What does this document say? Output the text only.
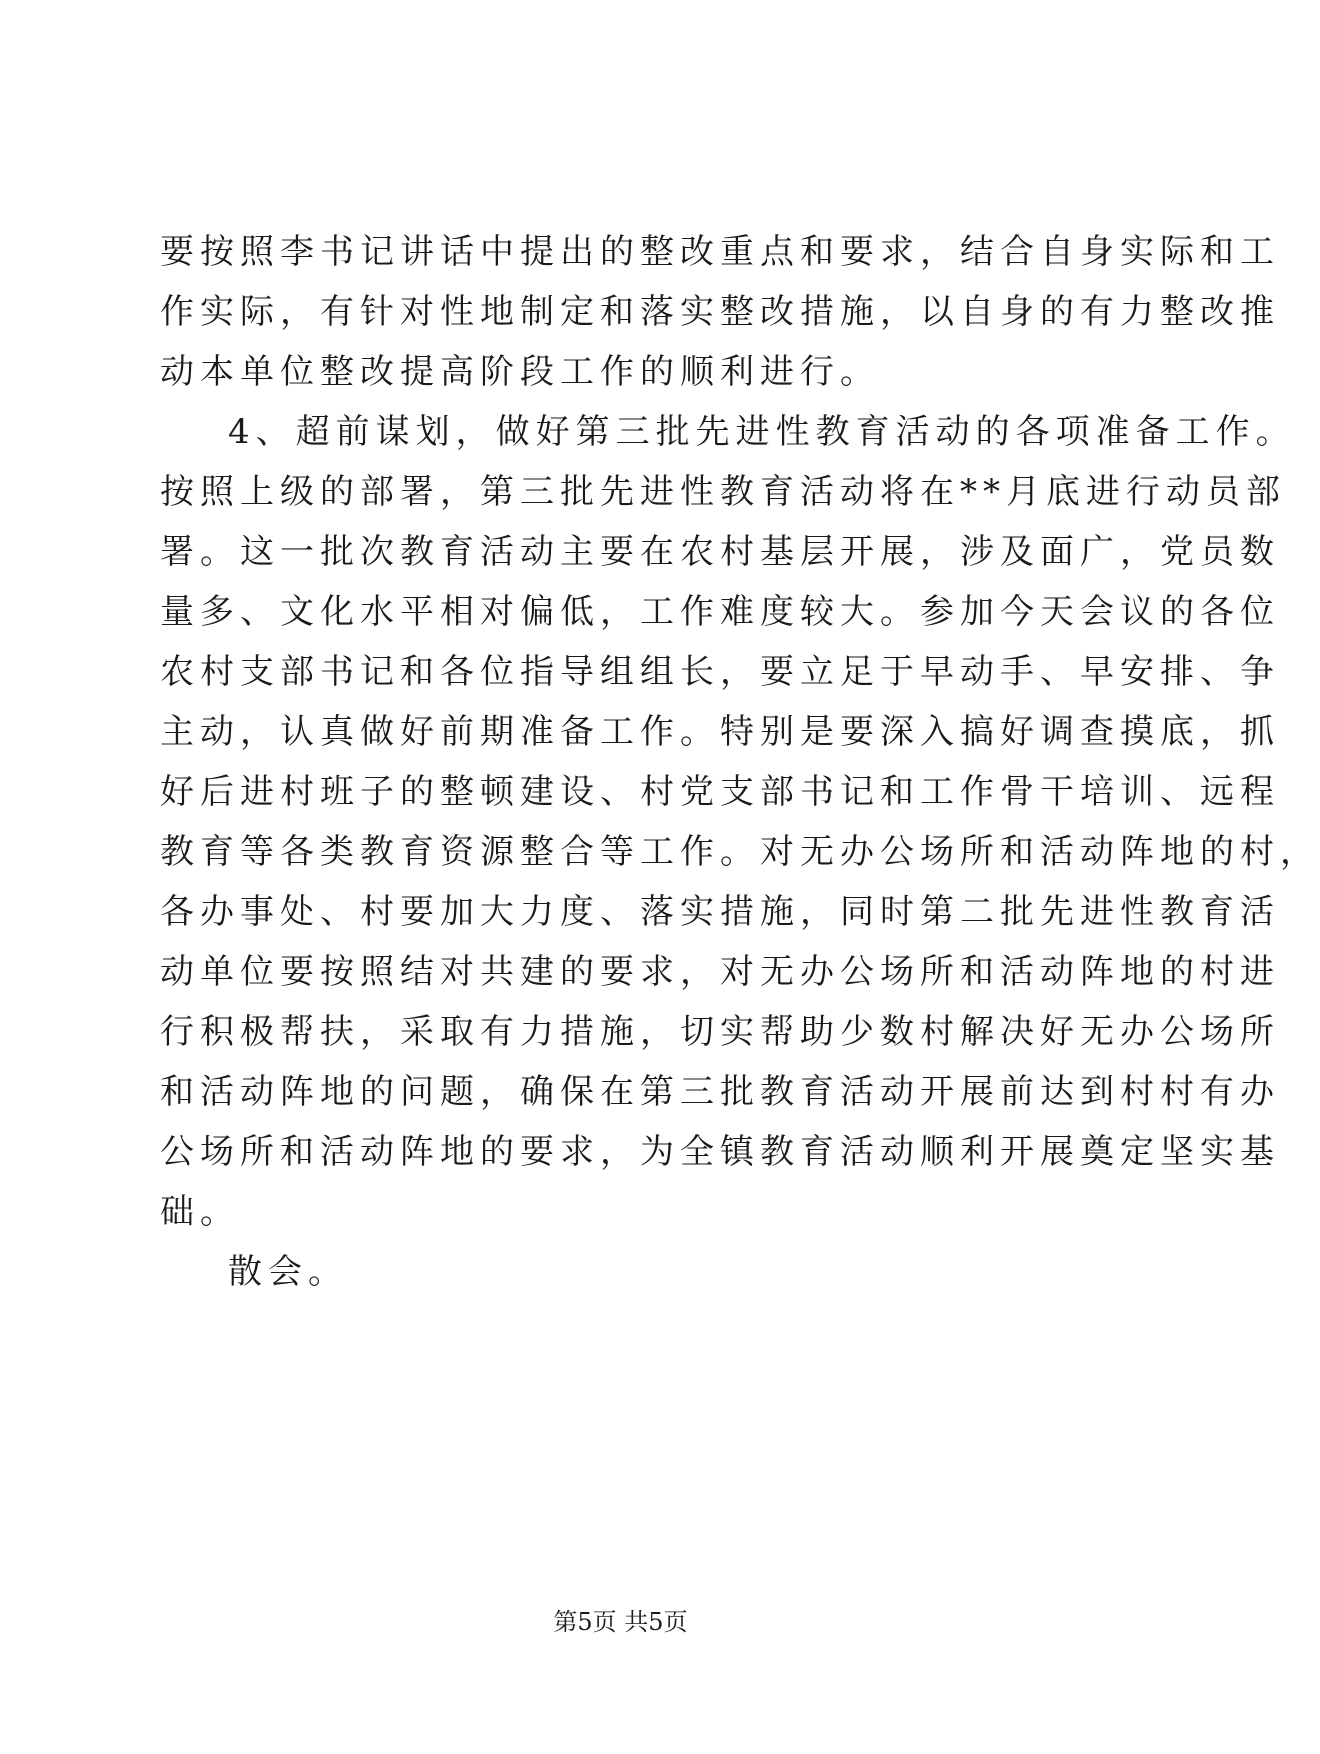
要按照李书记讲话中提出的整改重点和要求，结合自身实际和工
作实际，有针对性地制定和落实整改措施，以自身的有力整改推
动本单位整改提高阶段工作的顺利进行。
4、超前谋划，做好第三批先进性教育活动的各项准备工作。
按照上级的部署，第三批先进性教育活动将在**月底进行动员部
署。这一批次教育活动主要在农村基层开展，涉及面广，党员数
量多、文化水平相对偏低，工作难度较大。参加今天会议的各位
农村支部书记和各位指导组组长，要立足于早动手、早安排、争
主动，认真做好前期准备工作。特别是要深入搞好调查摸底，抓
好后进村班子的整顿建设、村党支部书记和工作骨干培训、远程
教育等各类教育资源整合等工作。对无办公场所和活动阵地的村，
各办事处、村要加大力度、落实措施，同时第二批先进性教育活
动单位要按照结对共建的要求，对无办公场所和活动阵地的村进
行积极帮扶，采取有力措施，切实帮助少数村解决好无办公场所
和活动阵地的问题，确保在第三批教育活动开展前达到村村有办
公场所和活动阵地的要求，为全镇教育活动顺利开展奠定坚实基
础。
散会。
第5页 共5页
